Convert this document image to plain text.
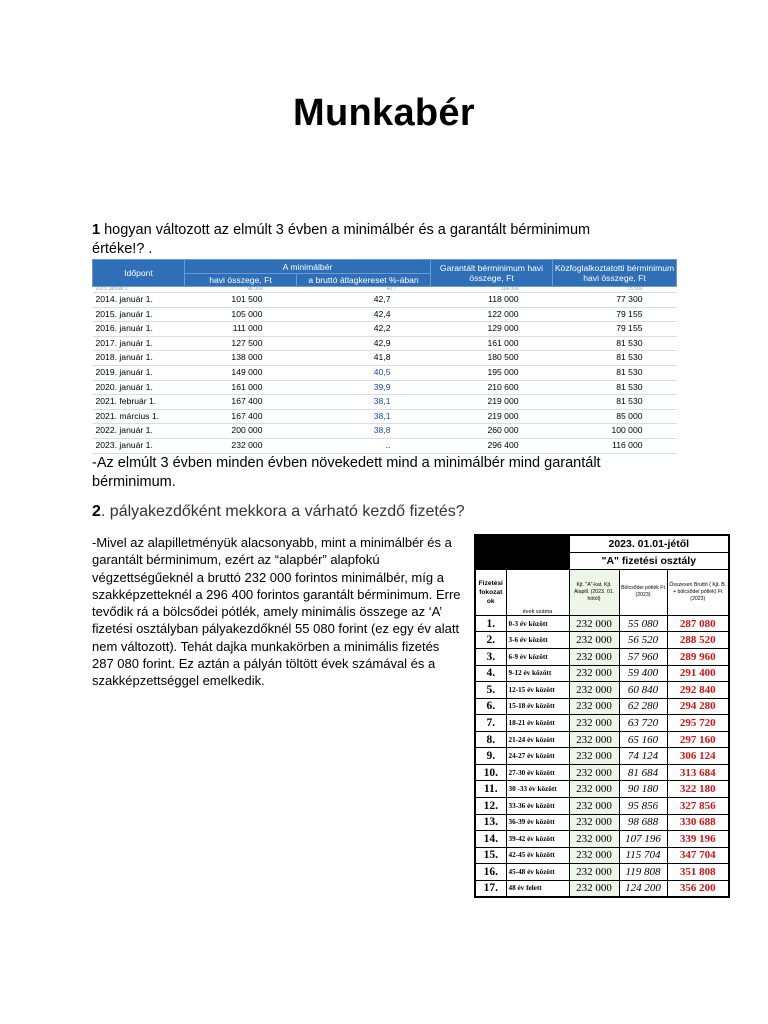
Munkabér
1 hogyan változott az elmúlt 3 évben a minimálbér és a garantált bérminimum értéke!? .
Időpont	A minimálbér		Garantált bérminimum havi összege, Ft	Közfoglalkoztatotti bérminimum havi összege, Ft
	havi összege, Ft	a bruttó átlagkereset %-ában		
2013. január 1.	98 000	42,7	114 000	75 500
2014. január 1.	101 500	42,7	118 000	77 300
2015. január 1.	105 000	42,4	122 000	79 155
2016. január 1.	111 000	42,2	129 000	79 155
2017. január 1.	127 500	42,9	161 000	81 530
2018. január 1.	138 000	41,8	180 500	81 530
2019. január 1.	149 000	40,5	195 000	81 530
2020. január 1.	161 000	39,9	210 600	81 530
2021. február 1.	167 400	38,1	219 000	81 530
2021. március 1.	167 400	38,1	219 000	85 000
2022. január 1.	200 000	38,8	260 000	100 000
2023. január 1.	232 000	..	296 400	116 000
-Az elmúlt 3 évben minden évben növekedett mind a minimálbér mind garantált bérminimum.
2. pályakezdőként mekkora a várható kezdő fizetés?
-Mivel az alapilletményük alacsonyabb, mint a minimálbér és a garantált bérminimum, ezért az “alapbér” alapfokú végzettségűeknél a bruttó 232 000 forintos minimálbér, míg a szakképzetteknél a 296 400 forintos garantált bérminimum. Erre tevődik rá a bölcsődei pótlék, amely minimális összege az ‘A’ fizetési osztályban pályakezdőknél 55 080 forint (ez egy év alatt nem változott). Tehát dajka munkakörben a minimális fizetés 287 080 forint. Ez aztán a pályán töltött évek számával és a szakképzettséggel emelkedik.
		2023. 01.01-jétől		
		"A" fizetési osztály		
Fizetési fokozat ok	évek száma	Kjt. "A"-kat. Kjt. Alapill. (2023. 01. hótól)	Bölcsődei pótlék Ft (2023)	Összesen Bruttó ( Kjt. B. + bölcsődei pótlék) Ft (2023)
1.	0-3 év között	232 000	55 080	287 080
2.	3-6 év között	232 000	56 520	288 520
3.	6-9 év között	232 000	57 960	289 960
4.	9-12 év között	232 000	59 400	291 400
5.	12-15 év között	232 000	60 840	292 840
6.	15-18 év között	232 000	62 280	294 280
7.	18-21 év között	232 000	63 720	295 720
8.	21-24 év között	232 000	65 160	297 160
9.	24-27 év között	232 000	74 124	306 124
10.	27-30 év között	232 000	81 684	313 684
11.	30 -33 év között	232 000	90 180	322 180
12.	33-36 év között	232 000	95 856	327 856
13.	36-39 év között	232 000	98 688	330 688
14.	39-42 év között	232 000	107 196	339 196
15.	42-45 év között	232 000	115 704	347 704
16.	45-48 év között	232 000	119 808	351 808
17.	48 év felett	232 000	124 200	356 200
